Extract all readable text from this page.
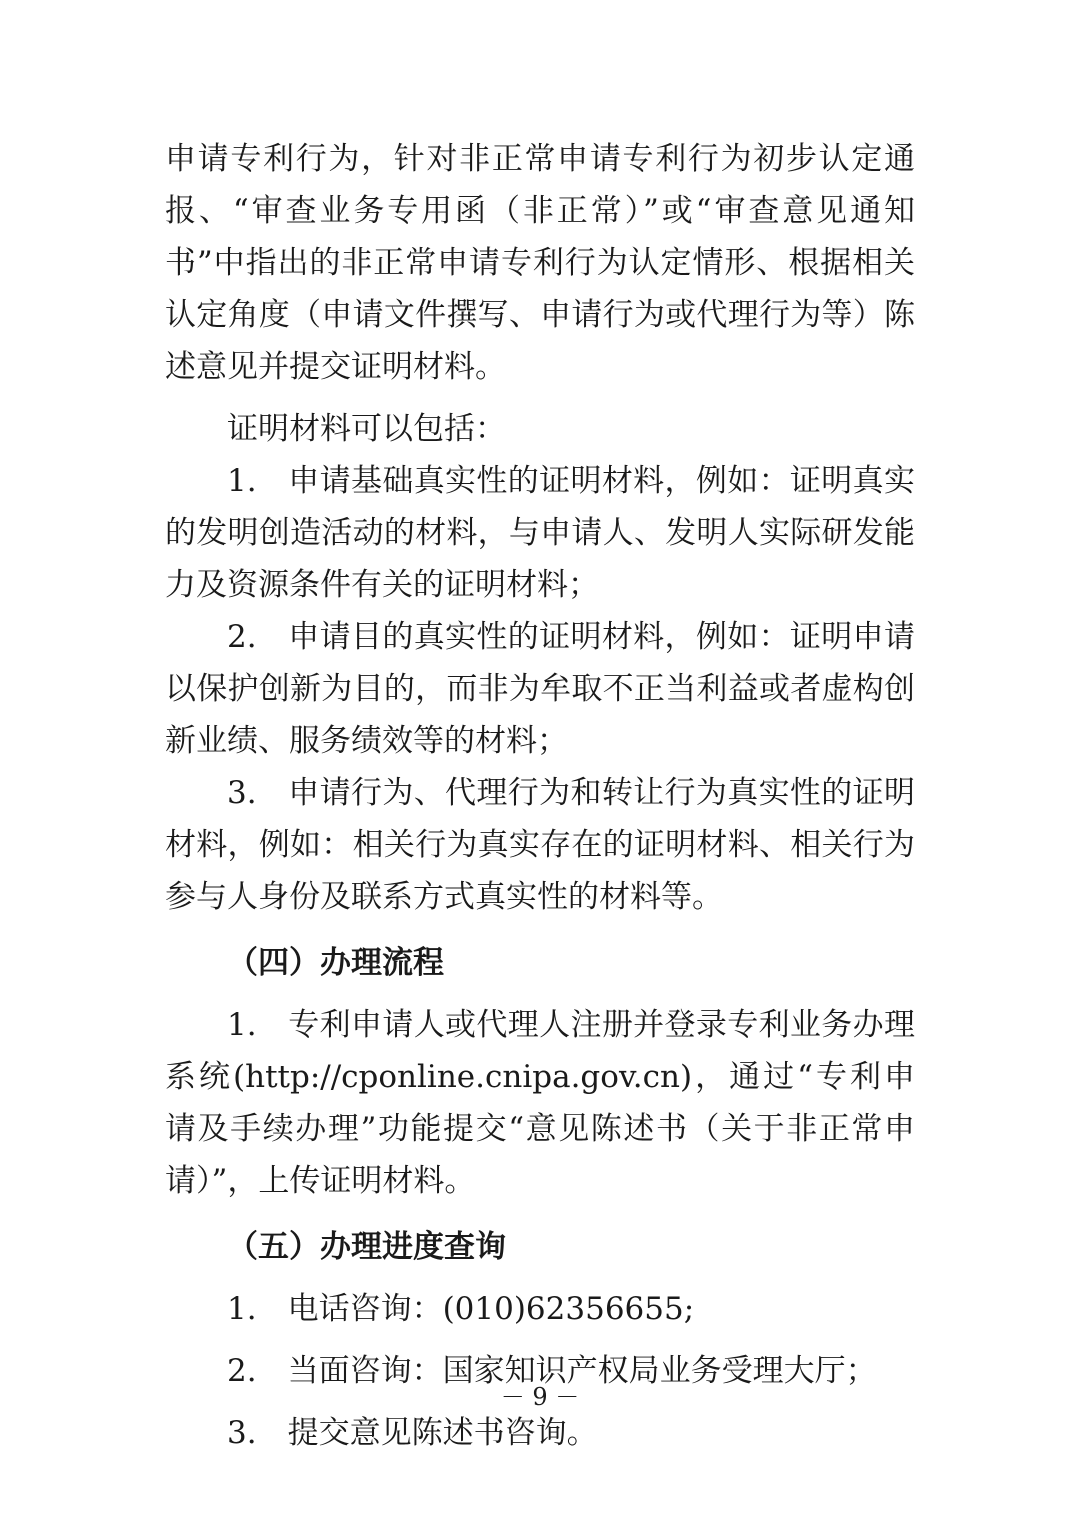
申请专利行为，针对非正常申请专利行为初步认定通报、“审查业务专用函（非正常）”或“审查意见通知书”中指出的非正常申请专利行为认定情形、根据相关认定角度（申请文件撰写、申请行为或代理行为等）陈述意见并提交证明材料。

证明材料可以包括：

1.　申请基础真实性的证明材料，例如：证明真实的发明创造活动的材料，与申请人、发明人实际研发能力及资源条件有关的证明材料；

2.　申请目的真实性的证明材料，例如：证明申请以保护创新为目的，而非为牟取不正当利益或者虚构创新业绩、服务绩效等的材料；

3.　申请行为、代理行为和转让行为真实性的证明材料，例如：相关行为真实存在的证明材料、相关行为参与人身份及联系方式真实性的材料等。

（四）办理流程

1.　专利申请人或代理人注册并登录专利业务办理系统(http://cponline.cnipa.gov.cn)，通过“专利申请及手续办理”功能提交“意见陈述书（关于非正常申请）”，上传证明材料。

（五）办理进度查询

1.　电话咨询：(010)62356655;

2.　当面咨询：国家知识产权局业务受理大厅；

3.　提交意见陈述书咨询。

－ 9 －
